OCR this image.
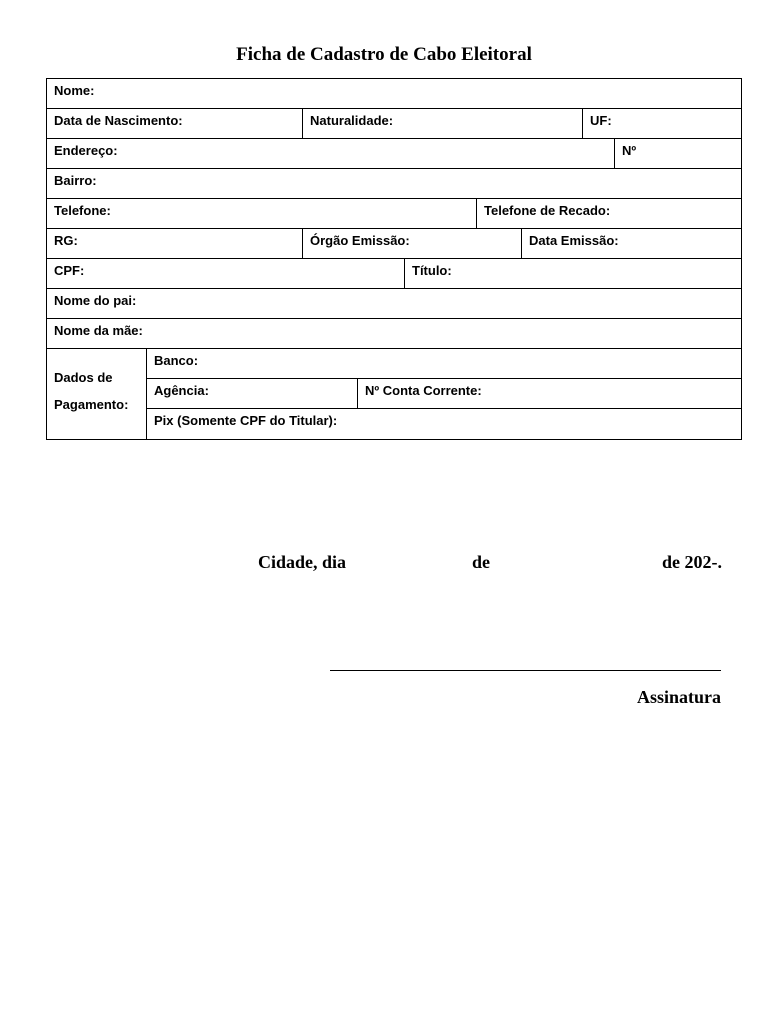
Ficha de Cadastro de Cabo Eleitoral
Nome:
Data de Nascimento:	Naturalidade:	UF:
Endereço:	Nº
Bairro:
Telefone:	Telefone de Recado:
RG:	Órgão Emissão:	Data Emissão:
CPF:	Título:
Nome do pai:
Nome da mãe:
Dados de
Pagamento:
Banco:
Agência:	Nº Conta Corrente:
Pix (Somente CPF do Titular):
Cidade, dia	de	de 202-.
Assinatura
